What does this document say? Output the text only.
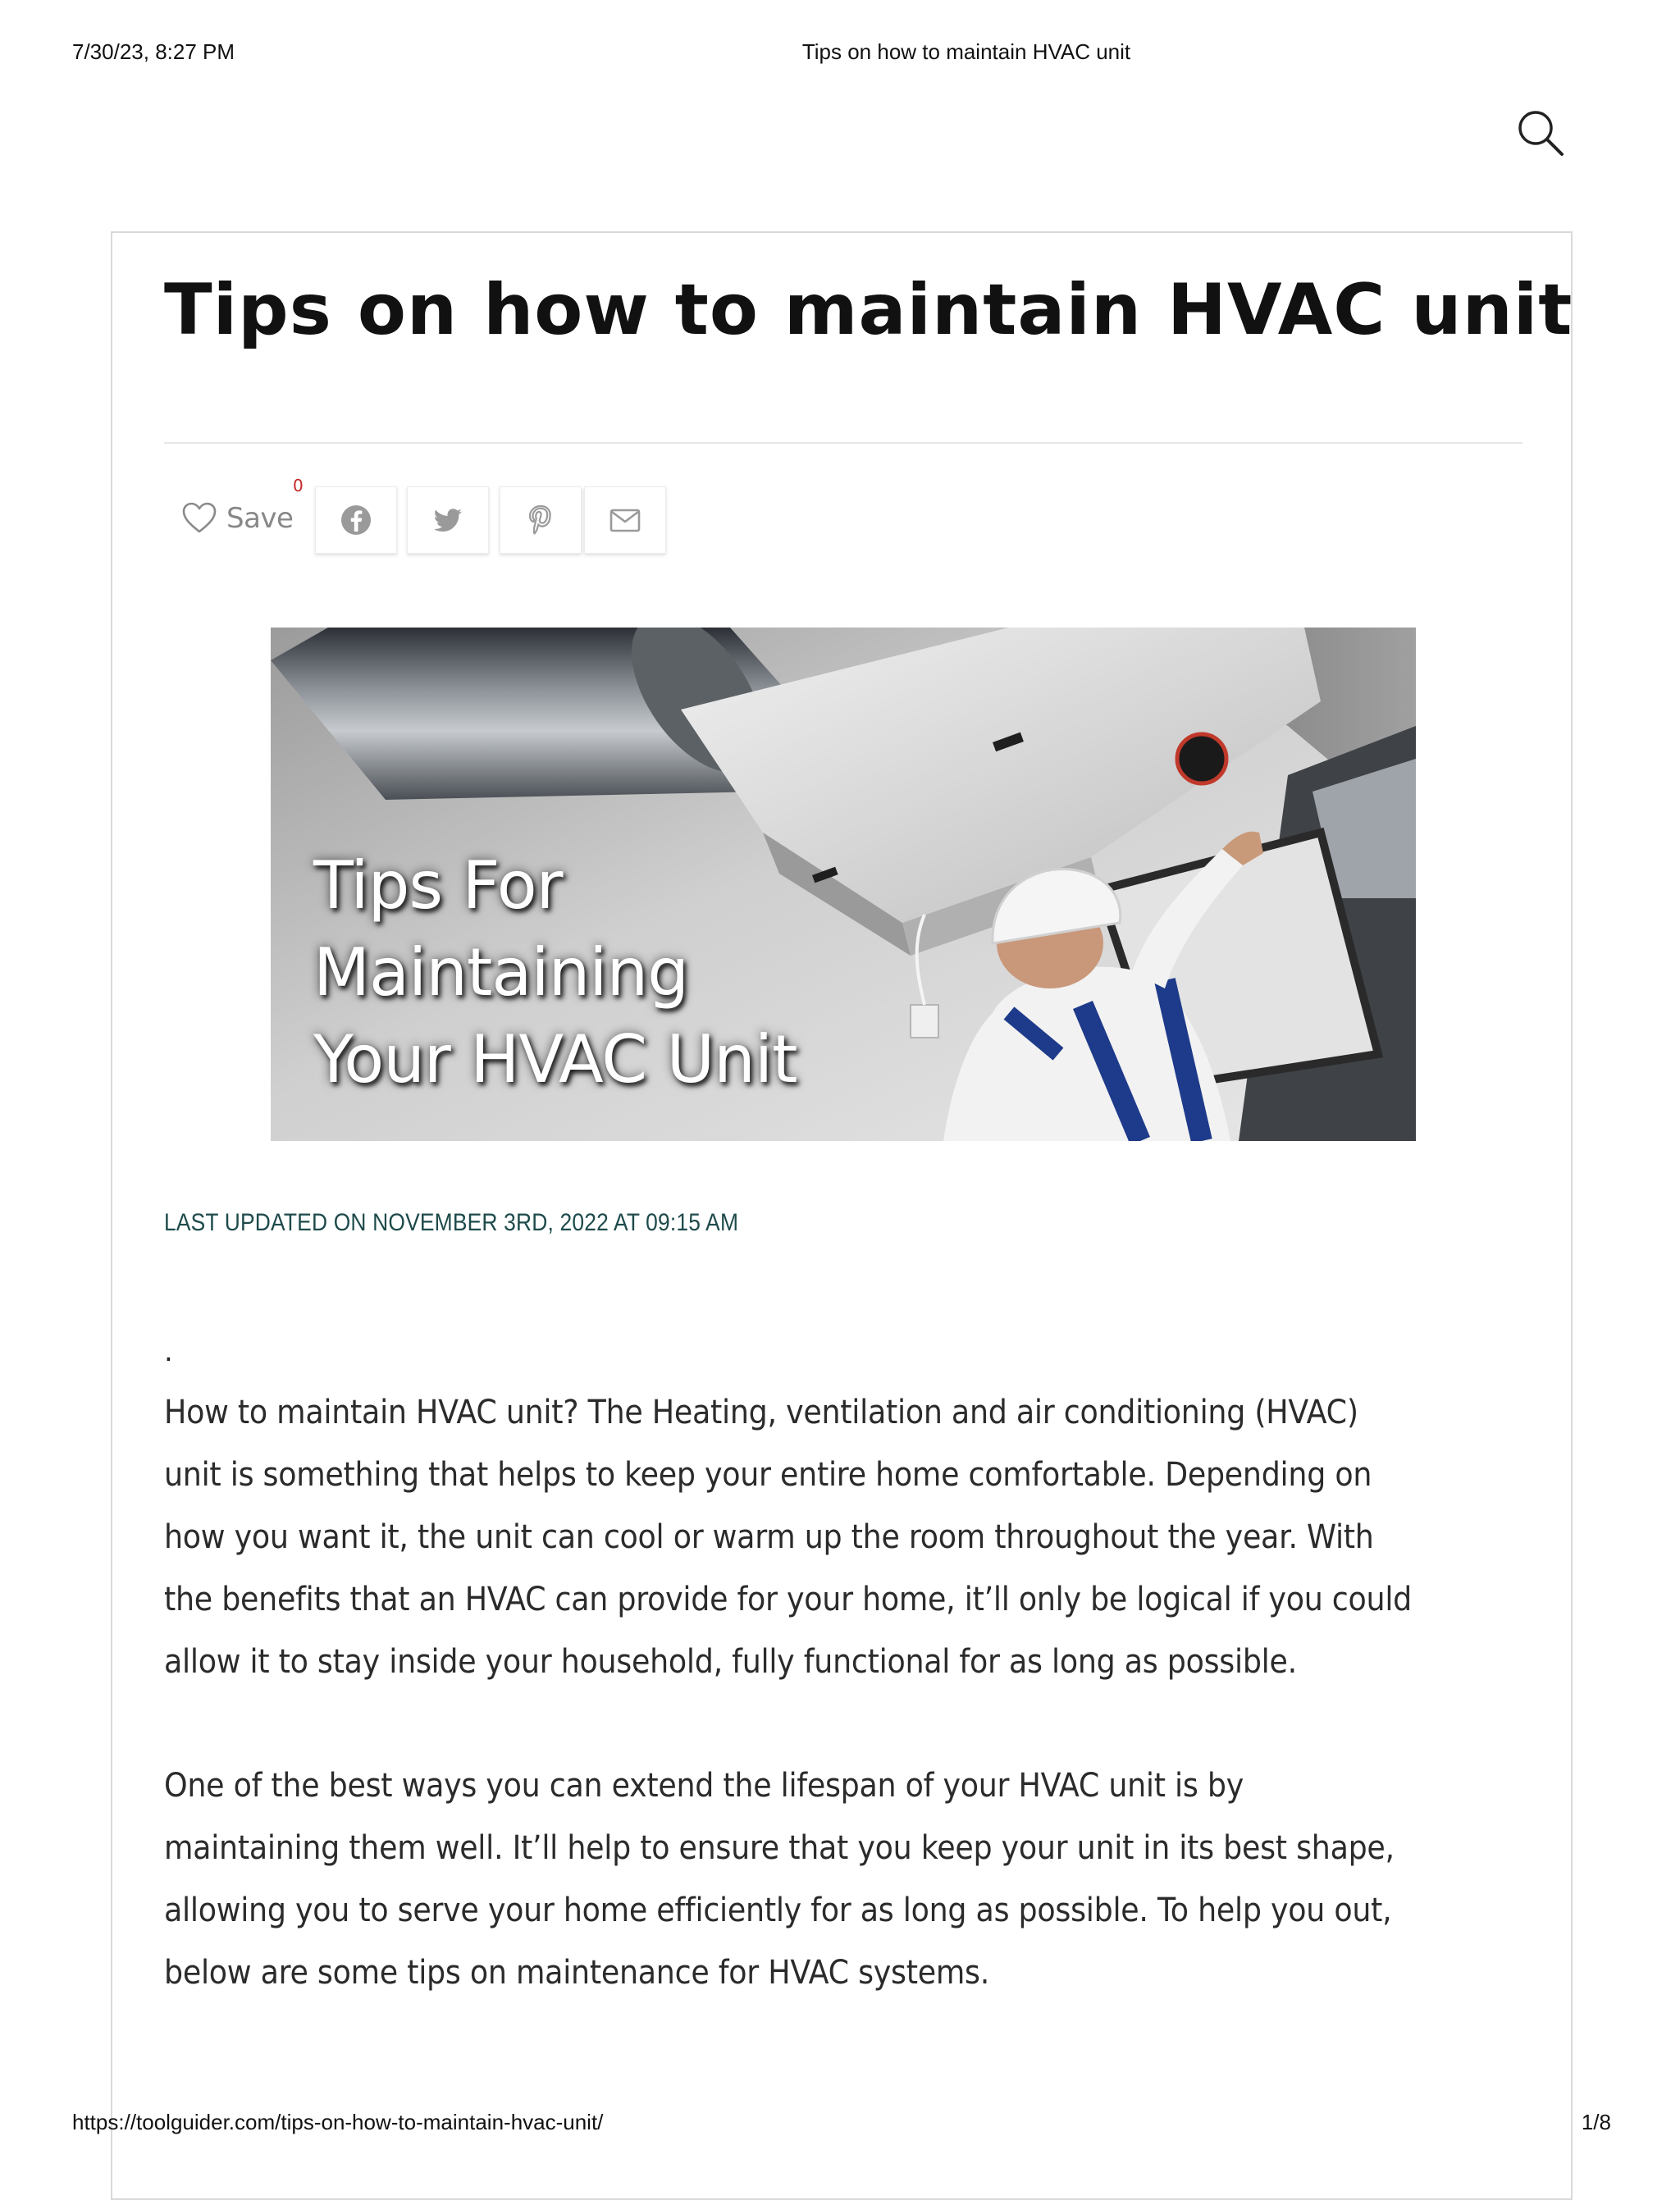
7/30/23, 8:27 PM	Tips on how to maintain HVAC unit
Tips on how to maintain HVAC unit
Save
0
Tips For
Maintaining
Your HVAC Unit
LAST UPDATED ON NOVEMBER 3RD, 2022 AT 09:15 AM
.

How to maintain HVAC unit? The Heating, ventilation and air conditioning (HVAC) unit is something that helps to keep your entire home comfortable. Depending on how you want it, the unit can cool or warm up the room throughout the year. With the benefits that an HVAC can provide for your home, it’ll only be logical if you could allow it to stay inside your household, fully functional for as long as possible.

One of the best ways you can extend the lifespan of your HVAC unit is by maintaining them well. It’ll help to ensure that you keep your unit in its best shape, allowing you to serve your home efficiently for as long as possible. To help you out, below are some tips on maintenance for HVAC systems.

https://toolguider.com/tips-on-how-to-maintain-hvac-unit/	1/8
